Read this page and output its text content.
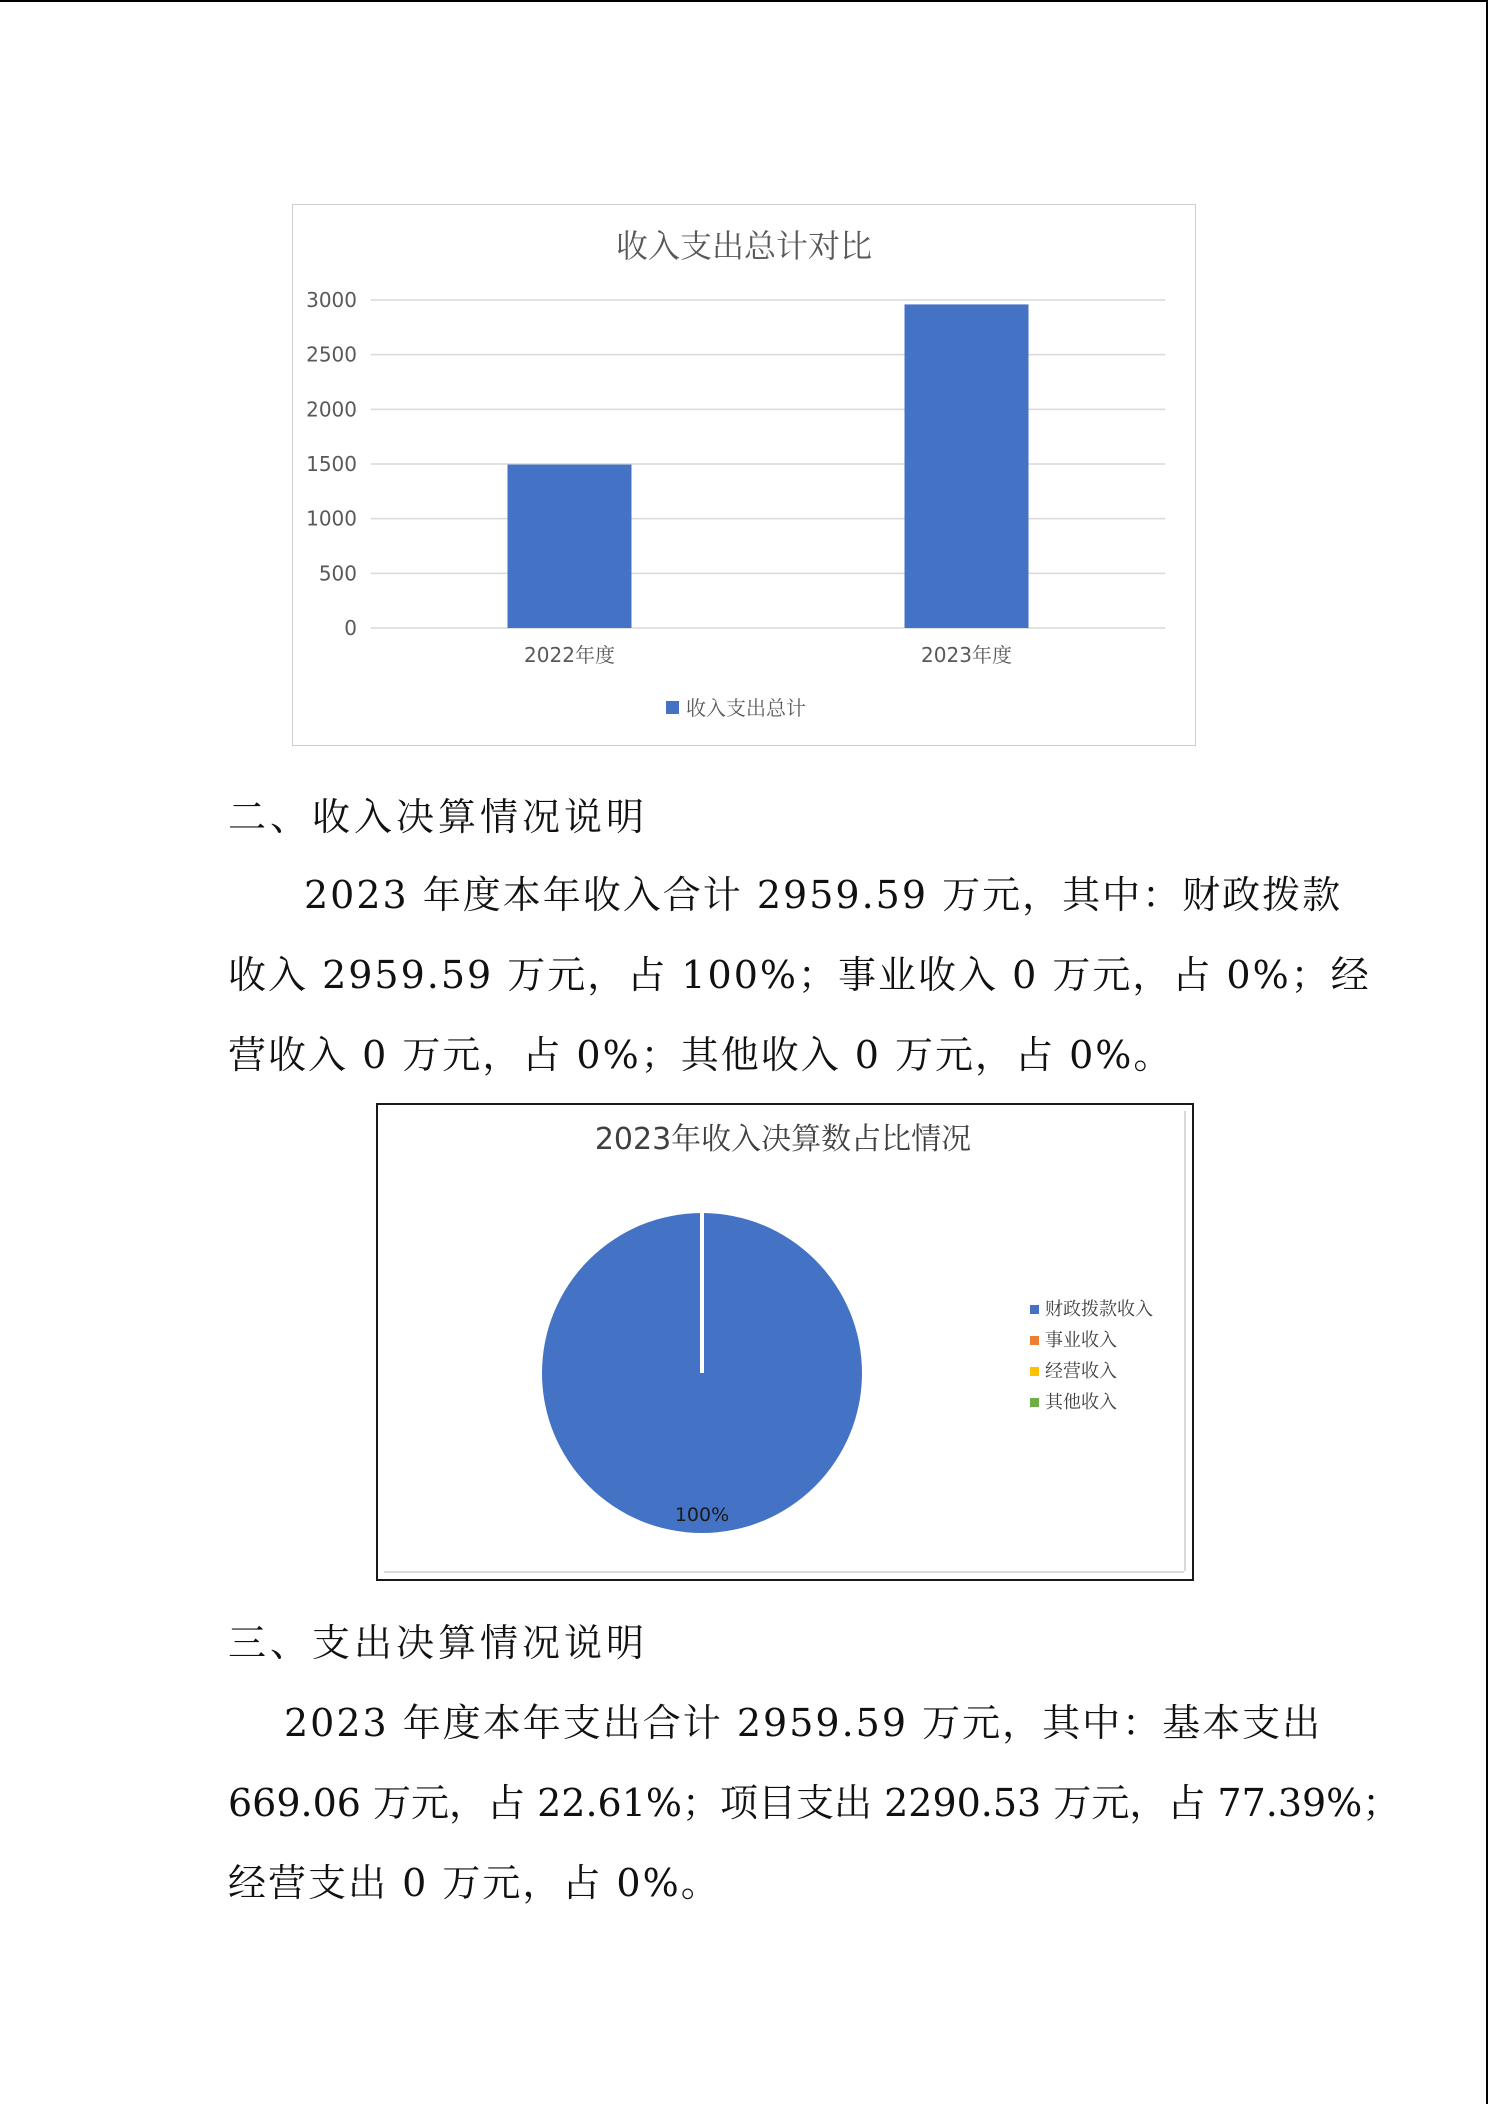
收入支出总计对比
0
500
1000
1500
2000
2500
3000
2022年度	2023年度
收入支出总计
二、收入决算情况说明
2023 年度本年收入合计 2959.59 万元，其中：财政拨款
收入 2959.59 万元，占 100%；事业收入 0 万元，占 0%；经
营收入 0 万元，占 0%；其他收入 0 万元，占 0%。
2023年收入决算数占比情况
100%
财政拨款收入
事业收入
经营收入
其他收入
三、支出决算情况说明
2023 年度本年支出合计 2959.59 万元，其中：基本支出
669.06 万元，占 22.61%；项目支出 2290.53 万元，占 77.39%；
经营支出 0 万元，占 0%。
